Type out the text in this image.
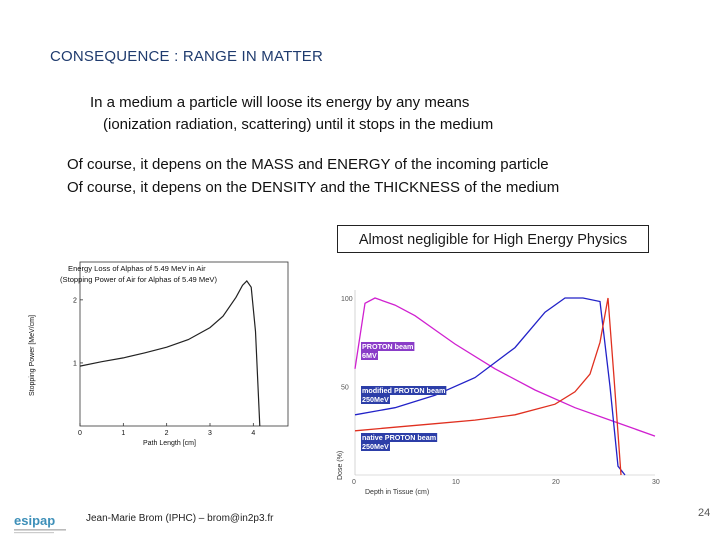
CONSEQUENCE : RANGE IN MATTER
In a medium a particle will loose its energy by any means
(ionization radiation, scattering) until it stops in the medium
Of course, it depens on the MASS and ENERGY of the incoming particle
Of course, it depens on the DENSITY and the THICKNESS of the medium
Almost negligible for High Energy Physics
0	1	2	3	4
1
2
Energy Loss of Alphas of 5.49 MeV in Air
(Stopping Power of Air for Alphas of 5.49 MeV)
Path Length [cm]
Stopping Power [MeV/cm]
0	10	20	30
100
50
PROTON beam
6MV
modified PROTON beam
250MeV
native PROTON beam
250MeV
Depth in Tissue (cm)
Dose (%)
esipap	Jean-Marie Brom (IPHC) – brom@in2p3.fr	24
